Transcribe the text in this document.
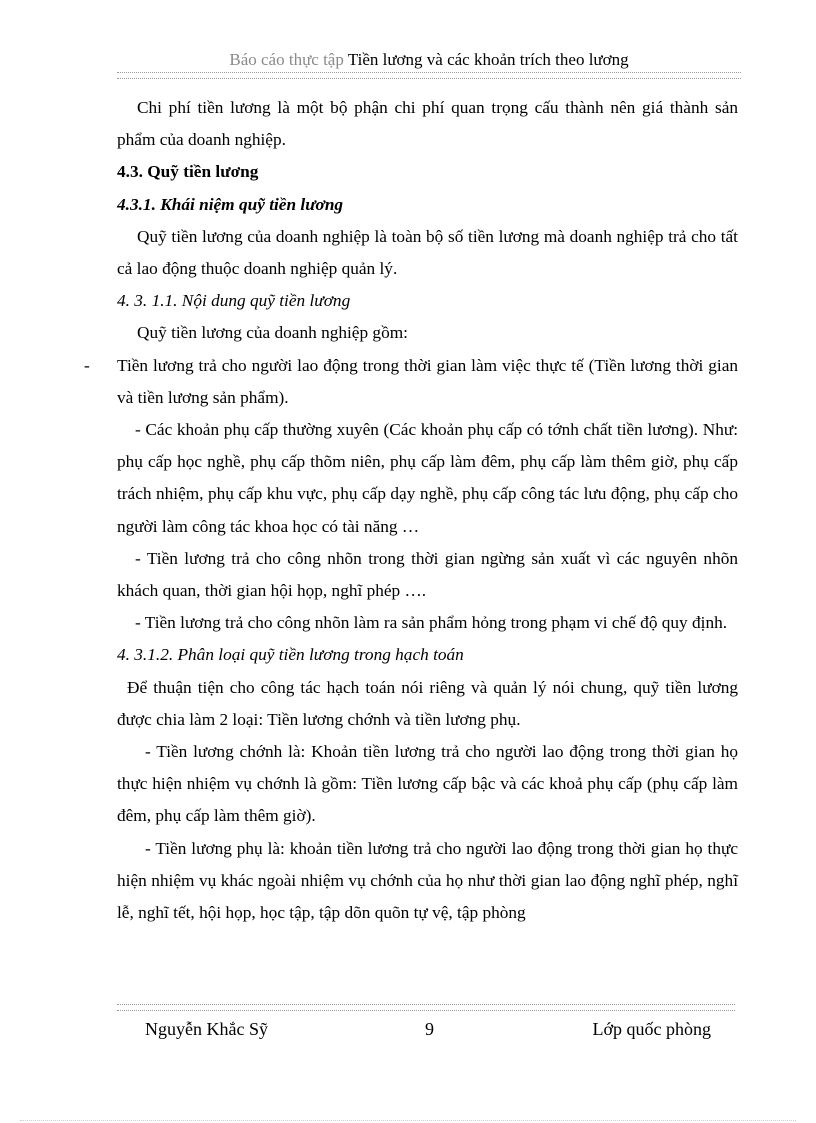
Báo cáo thực tập Tiền lương và các khoản trích theo lương

Chi phí tiền lương là một bộ phận chi phí quan trọng cấu thành nên giá thành sản phẩm của doanh nghiệp.

4.3. Quỹ tiền lương

4.3.1. Khái niệm quỹ tiền lương

Quỹ tiền lương của doanh nghiệp là toàn bộ số tiền lương mà doanh nghiệp trả cho tất cả lao động thuộc doanh nghiệp quản lý.

4. 3. 1.1. Nội dung quỹ tiền lương

Quỹ tiền lương của doanh nghiệp gồm:

- Tiền lương trả cho người lao động trong thời gian làm việc thực tế (Tiền lương thời gian và tiền lương sản phẩm).

- Các khoản phụ cấp thường xuyên (Các khoản phụ cấp có tớnh chất tiền lương). Như: phụ cấp học nghề, phụ cấp thõm niên, phụ cấp làm đêm, phụ cấp làm thêm giờ, phụ cấp trách nhiệm, phụ cấp khu vực, phụ cấp dạy nghề, phụ cấp công tác lưu động, phụ cấp cho người làm công tác khoa học có tài năng …

- Tiền lương trả cho công nhõn trong thời gian ngừng sản xuất vì các nguyên nhõn khách quan, thời gian hội họp, nghĩ phép ….

- Tiền lương trả cho công nhõn làm ra sản phẩm hỏng trong phạm vi chế độ quy định.

4. 3.1.2. Phân loại quỹ tiền lương trong hạch toán

Để thuận tiện cho công tác hạch toán nói riêng và quản lý nói chung, quỹ tiền lương được chia làm 2 loại: Tiền lương chớnh và tiền lương phụ.

- Tiền lương chớnh là: Khoản tiền lương trả cho người lao động trong thời gian họ thực hiện nhiệm vụ chớnh là gồm: Tiền lương cấp bậc và các khoả phụ cấp (phụ cấp làm đêm, phụ cấp làm thêm giờ).

- Tiền lương phụ là: khoản tiền lương trả cho người lao động trong thời gian họ thực hiện nhiệm vụ khác ngoài nhiệm vụ chớnh của họ như thời gian lao động nghĩ phép, nghĩ lễ, nghĩ tết, hội họp, học tập, tập dõn quõn tự vệ, tập phòng

Nguyễn Khắc Sỹ	9	Lớp quốc phòng
